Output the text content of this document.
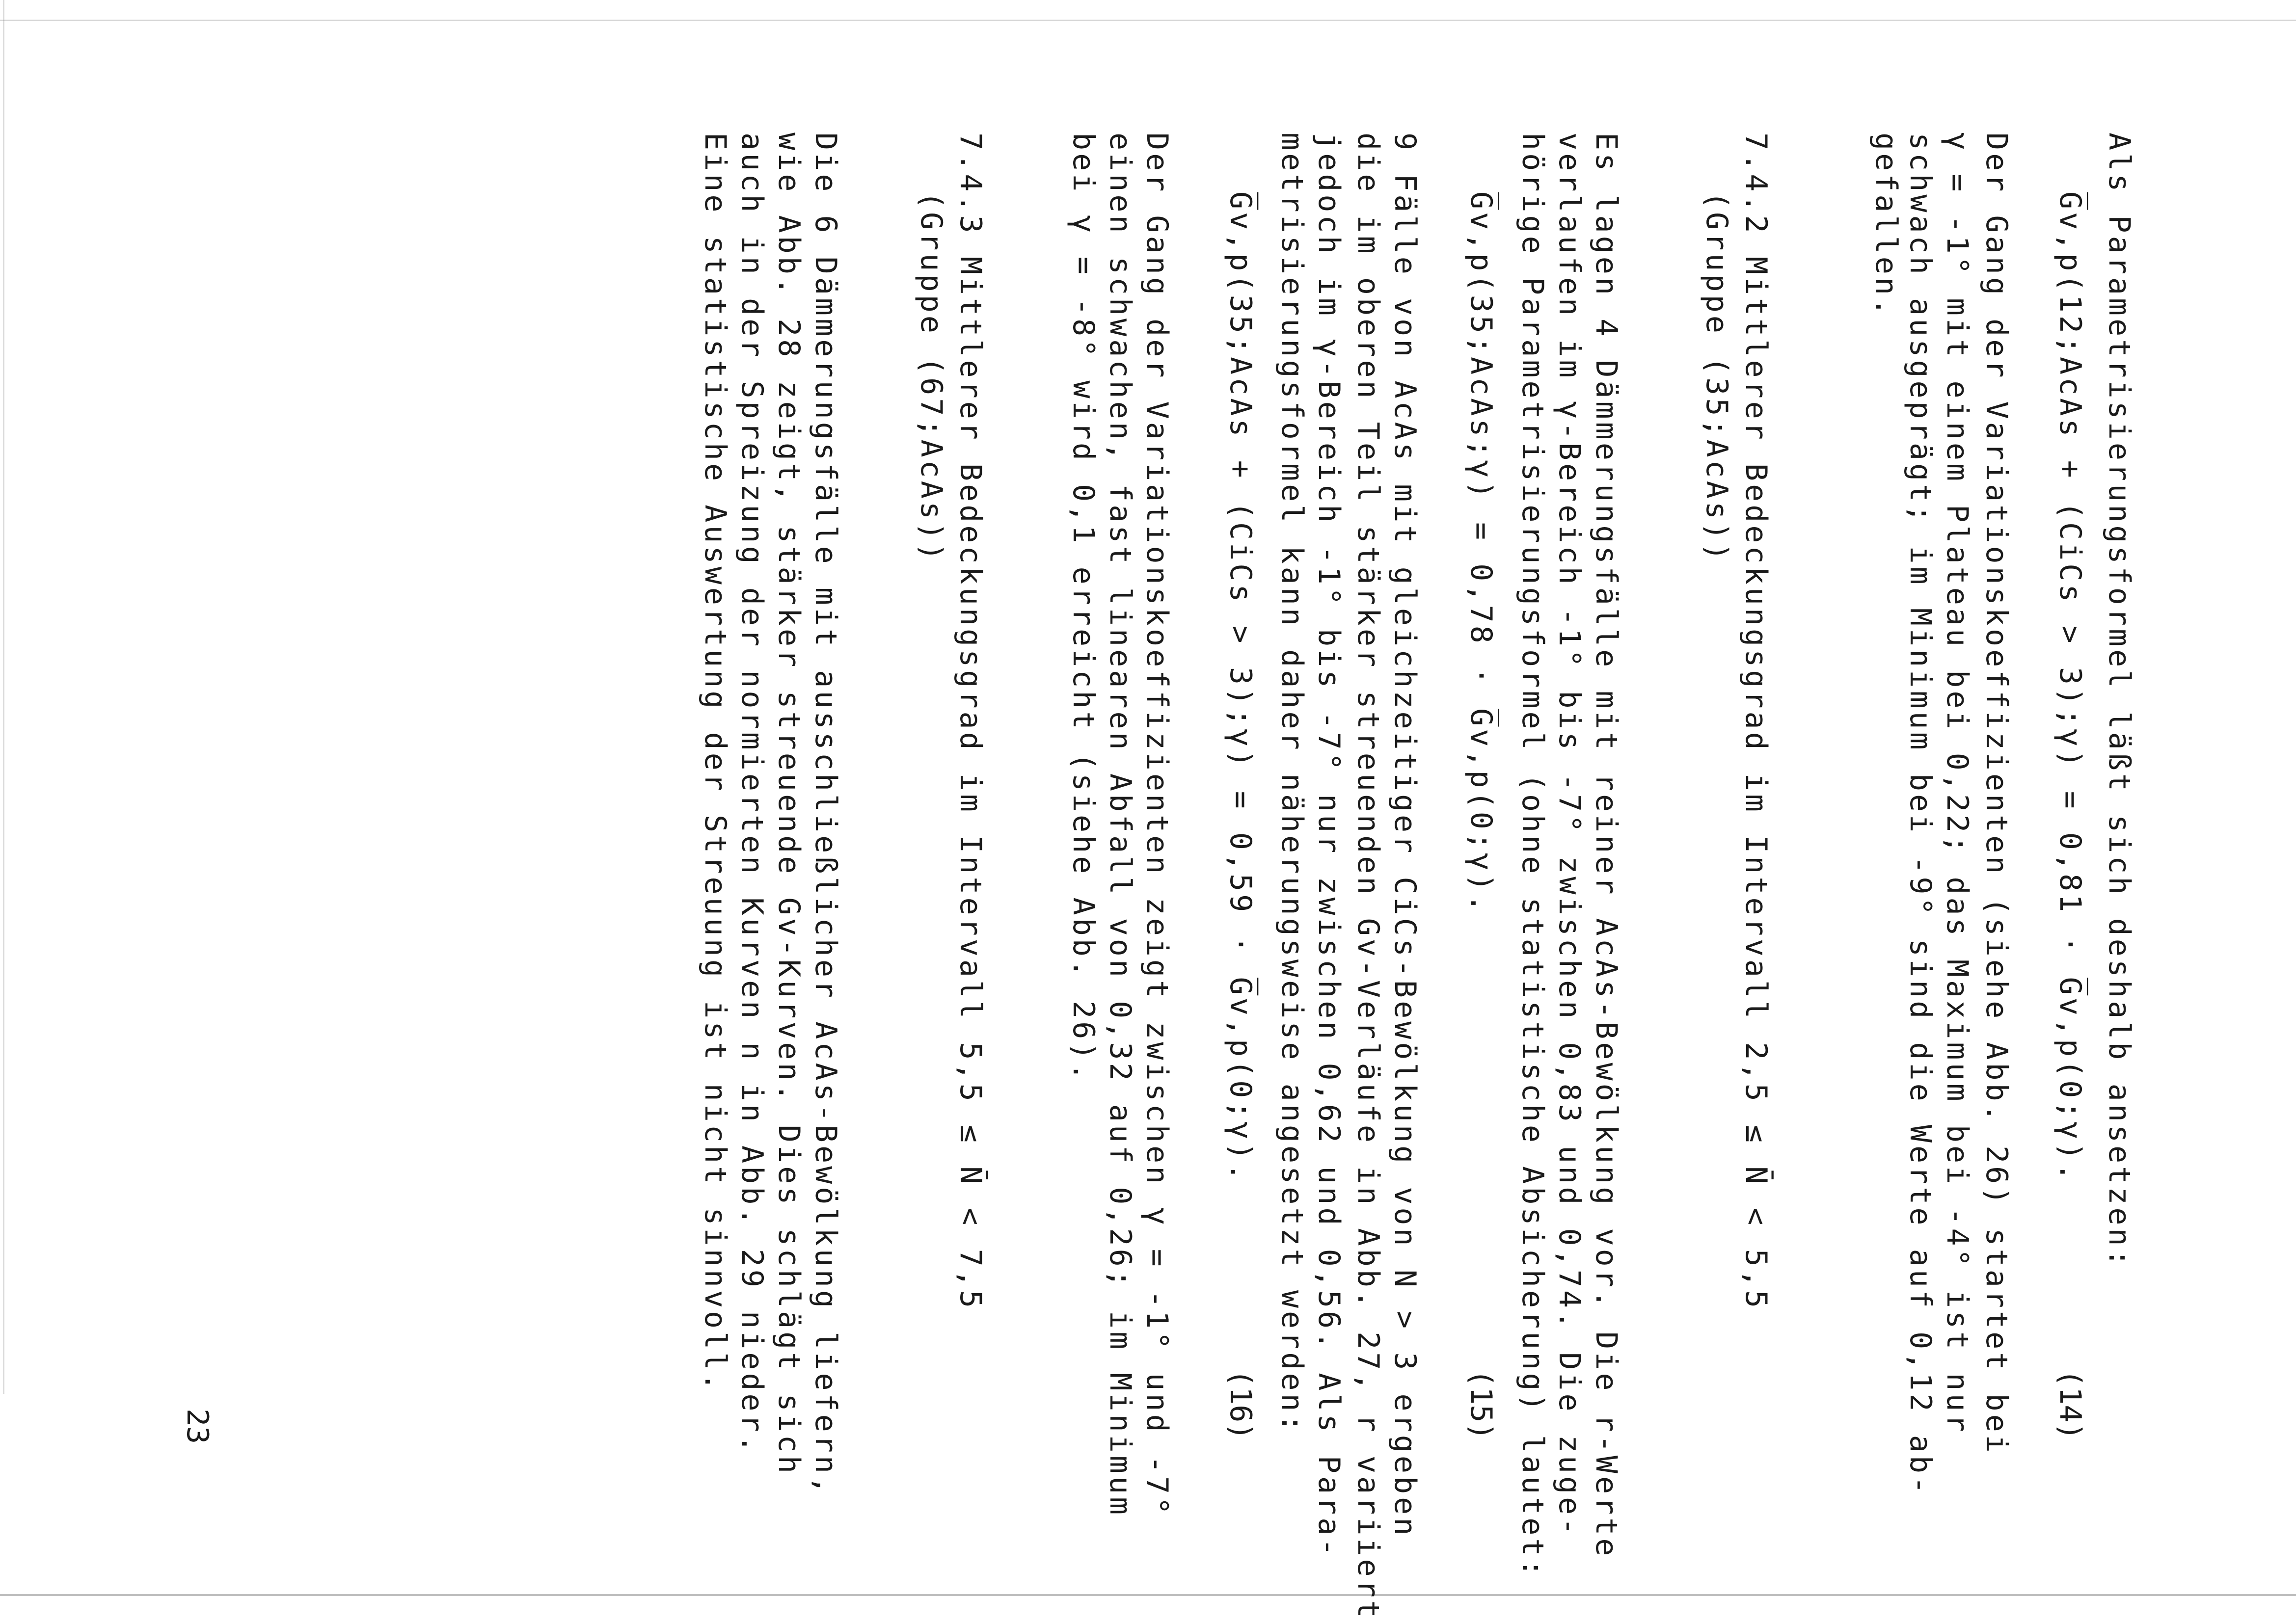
Als Parametrisierungsformel läßt sich deshalb ansetzen:
G̅v,p(12;AcAs + (CiCs > 3);γ) = 0,81 · G̅v,p(0;γ).
(14)
Der Gang der Variationskoeffizienten (siehe Abb. 26) startet bei
γ = -1° mit einem Plateau bei 0,22; das Maximum bei -4° ist nur
schwach ausgeprägt; im Minimum bei -9° sind die Werte auf 0,12 ab-
gefallen.
7.4.2 Mittlerer Bedeckungsgrad im Intervall 2,5 ≤ N̄ < 5,5
(Gruppe (35;AcAs))
Es lagen 4 Dämmerungsfälle mit reiner AcAs-Bewölkung vor. Die r-Werte
verlaufen im γ-Bereich -1° bis -7° zwischen 0,83 und 0,74. Die zuge-
hörige Parametrisierungsformel (ohne statistische Absicherung) lautet:
G̅v,p(35;AcAs;γ) = 0,78 · G̅v,p(0;γ).
(15)
9 Fälle von AcAs mit gleichzeitiger CiCs-Bewölkung von N > 3 ergeben
die im oberen Teil stärker streuenden Gv-Verläufe in Abb. 27, r variiert
jedoch im γ-Bereich -1° bis -7° nur zwischen 0,62 und 0,56. Als Para-
metrisierungsformel kann daher näherungsweise angesetzt werden:
G̅v,p(35;AcAs + (CiCs > 3);γ) = 0,59 · G̅v,p(0;γ).
(16)
Der Gang der Variationskoeffizienten zeigt zwischen γ = -1° und -7°
einen schwachen, fast linearen Abfall von 0,32 auf 0,26; im Minimum
bei γ = -8° wird 0,1 erreicht (siehe Abb. 26).
7.4.3 Mittlerer Bedeckungsgrad im Intervall 5,5 ≤ N̄ < 7,5
(Gruppe (67;AcAs))
Die 6 Dämmerungsfälle mit ausschließlicher AcAs-Bewölkung liefern,
wie Abb. 28 zeigt, stärker streuende Gv-Kurven. Dies schlägt sich
auch in der Spreizung der normierten Kurven n in Abb. 29 nieder.
Eine statistische Auswertung der Streuung ist nicht sinnvoll.
23
